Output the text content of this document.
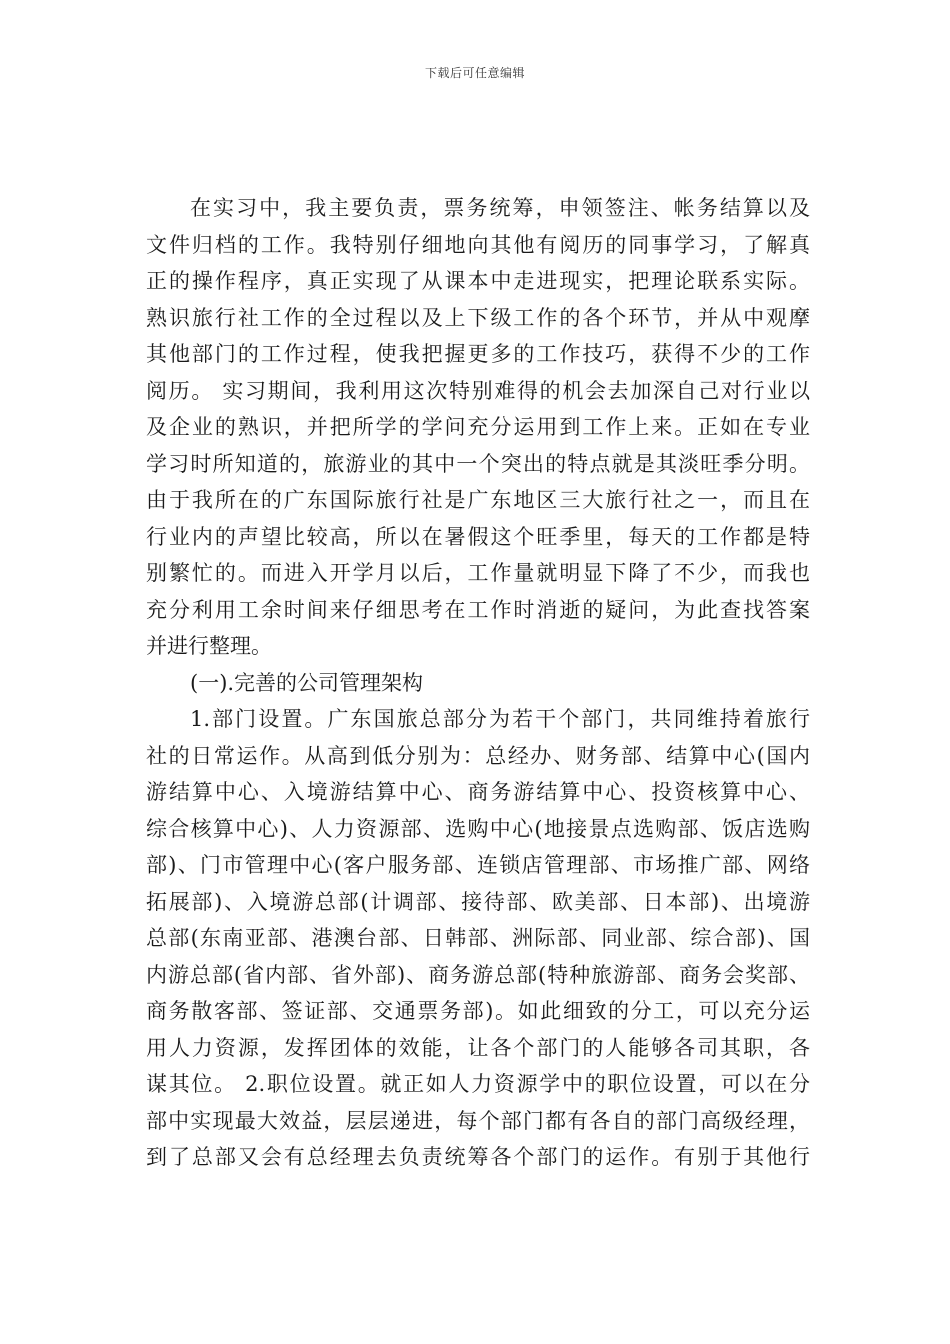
下载后可任意编辑
在实习中，我主要负责，票务统筹，申领签注、帐务结算以及
文件归档的工作。我特别仔细地向其他有阅历的同事学习，了解真
正的操作程序，真正实现了从课本中走进现实，把理论联系实际。
熟识旅行社工作的全过程以及上下级工作的各个环节，并从中观摩
其他部门的工作过程，使我把握更多的工作技巧，获得不少的工作
阅历。 实习期间，我利用这次特别难得的机会去加深自己对行业以
及企业的熟识，并把所学的学问充分运用到工作上来。正如在专业
学习时所知道的，旅游业的其中一个突出的特点就是其淡旺季分明。
由于我所在的广东国际旅行社是广东地区三大旅行社之一，而且在
行业内的声望比较高，所以在暑假这个旺季里，每天的工作都是特
别繁忙的。而进入开学月以后，工作量就明显下降了不少，而我也
充分利用工余时间来仔细思考在工作时消逝的疑问，为此查找答案
并进行整理。
(一).完善的公司管理架构
1.部门设置。广东国旅总部分为若干个部门，共同维持着旅行
社的日常运作。从高到低分别为：总经办、财务部、结算中心(国内
游结算中心、入境游结算中心、商务游结算中心、投资核算中心、
综合核算中心)、人力资源部、选购中心(地接景点选购部、饭店选购
部)、门市管理中心(客户服务部、连锁店管理部、市场推广部、网络
拓展部)、入境游总部(计调部、接待部、欧美部、日本部)、出境游
总部(东南亚部、港澳台部、日韩部、洲际部、同业部、综合部)、国
内游总部(省内部、省外部)、商务游总部(特种旅游部、商务会奖部、
商务散客部、签证部、交通票务部)。如此细致的分工，可以充分运
用人力资源，发挥团体的效能，让各个部门的人能够各司其职，各
谋其位。 2.职位设置。就正如人力资源学中的职位设置，可以在分
部中实现最大效益，层层递进，每个部门都有各自的部门高级经理，
到了总部又会有总经理去负责统筹各个部门的运作。有别于其他行
